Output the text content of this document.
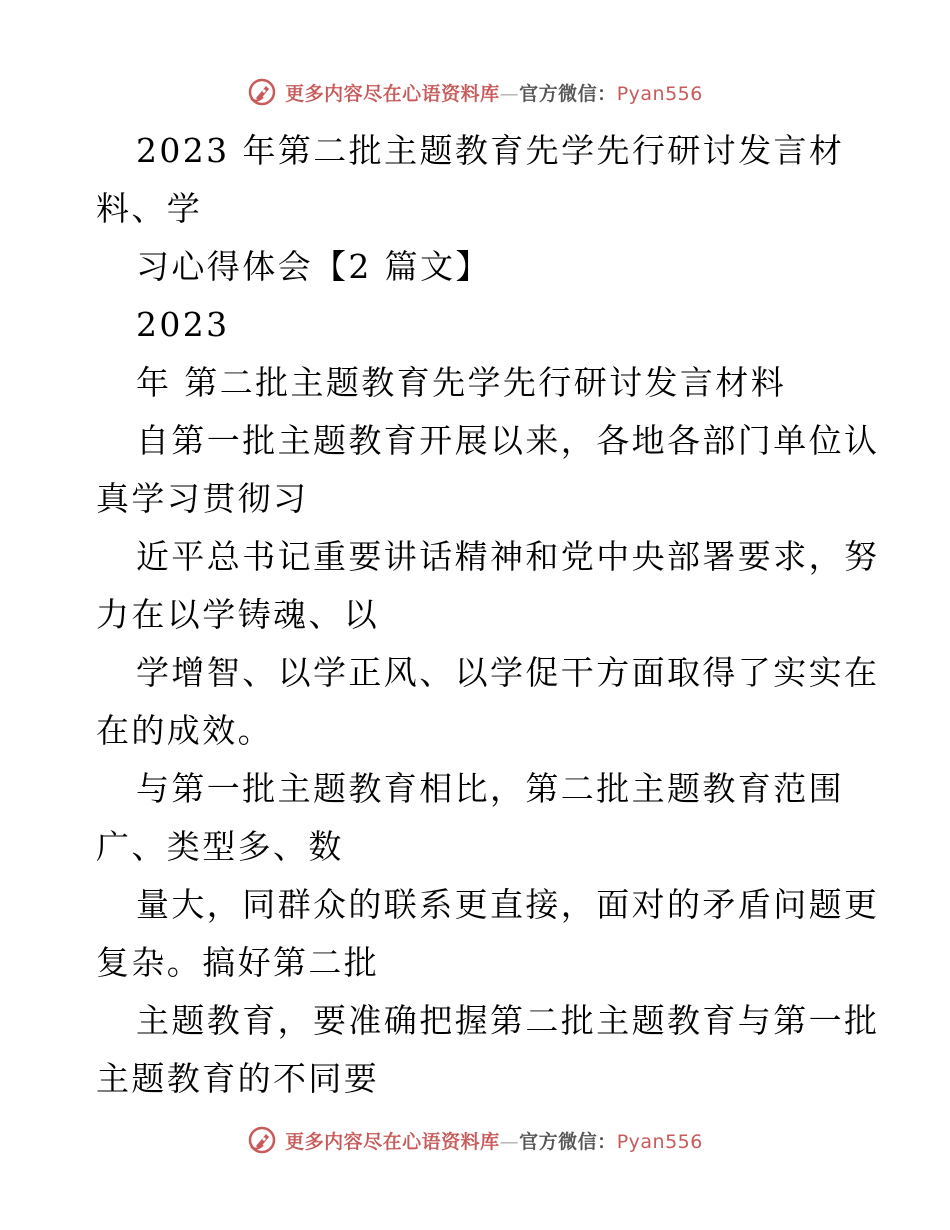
更多内容尽在心语资料库—官方微信：Pyan556
2023 年第二批主题教育先学先行研讨发言材
料、学
习心得体会【2 篇文】
2023
年 第二批主题教育先学先行研讨发言材料
自第一批主题教育开展以来，各地各部门单位认
真学习贯彻习
近平总书记重要讲话精神和党中央部署要求，努
力在以学铸魂、以
学增智、以学正风、以学促干方面取得了实实在
在的成效。
与第一批主题教育相比，第二批主题教育范围
广、类型多、数
量大，同群众的联系更直接，面对的矛盾问题更
复杂。搞好第二批
主题教育，要准确把握第二批主题教育与第一批
主题教育的不同要
更多内容尽在心语资料库—官方微信：Pyan556
